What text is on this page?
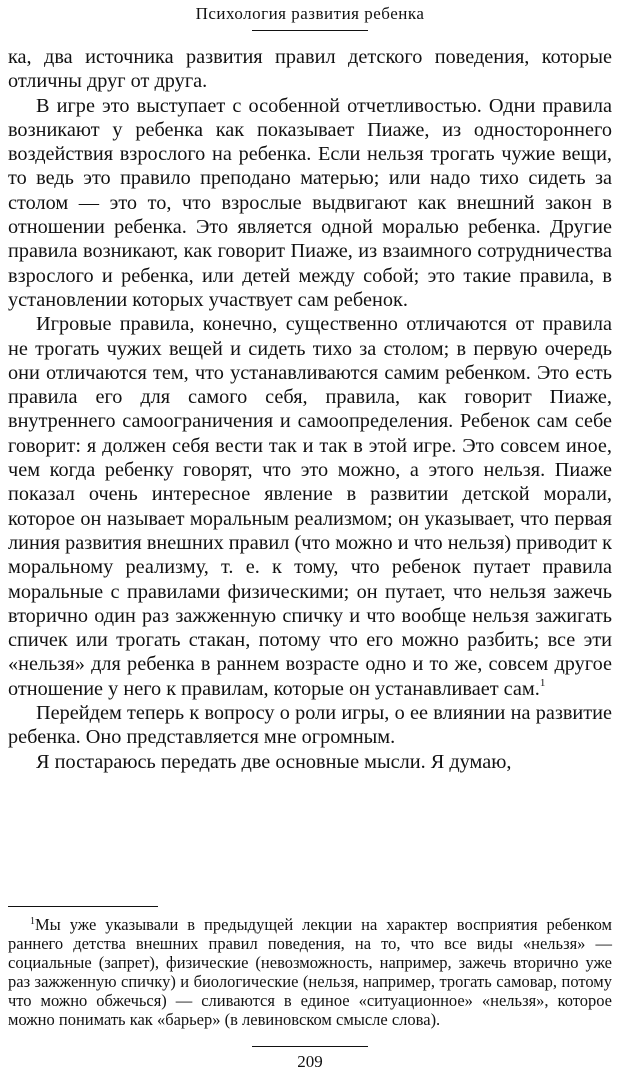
Психология развития ребенка

ка, два источника развития правил детского поведения, которые отличны друг от друга.

В игре это выступает с особенной отчетливостью. Одни правила возникают у ребенка как показывает Пиаже, из одностороннего воздействия взрослого на ребенка. Если нельзя трогать чужие вещи, то ведь это правило преподано матерью; или надо тихо сидеть за столом — это то, что взрослые выдвигают как внешний закон в отношении ребенка. Это является одной моралью ребенка. Другие правила возникают, как говорит Пиаже, из взаимного сотрудничества взрослого и ребенка, или детей между собой; это такие правила, в установлении которых участвует сам ребенок.

Игровые правила, конечно, существенно отличаются от правила не трогать чужих вещей и сидеть тихо за столом; в первую очередь они отличаются тем, что устанавливаются самим ребенком. Это есть правила его для самого себя, правила, как говорит Пиаже, внутреннего самоограничения и самоопределения. Ребенок сам себе говорит: я должен себя вести так и так в этой игре. Это совсем иное, чем когда ребенку говорят, что это можно, а этого нельзя. Пиаже показал очень интересное явление в развитии детской морали, которое он называет моральным реализмом; он указывает, что первая линия развития внешних правил (что можно и что нельзя) приводит к моральному реализму, т. е. к тому, что ребенок путает правила моральные с правилами физическими; он путает, что нельзя зажечь вторично один раз зажженную спичку и что вообще нельзя зажигать спичек или трогать стакан, потому что его можно разбить; все эти «нельзя» для ребенка в раннем возрасте одно и то же, совсем другое отношение у него к правилам, которые он устанавливает сам.$^1$

Перейдем теперь к вопросу о роли игры, о ее влиянии на развитие ребенка. Оно представляется мне огромным.

Я постараюсь передать две основные мысли. Я думаю,

$^1$Мы уже указывали в предыдущей лекции на характер восприятия ребенком раннего детства внешних правил поведения, на то, что все виды «нельзя» — социальные (запрет), физические (невозможность, например, зажечь вторично уже раз зажженную спичку) и биологические (нельзя, например, трогать самовар, потому что можно обжечься) — сливаются в единое «ситуационное» «нельзя», которое можно понимать как «барьер» (в левиновском смысле слова).

209
